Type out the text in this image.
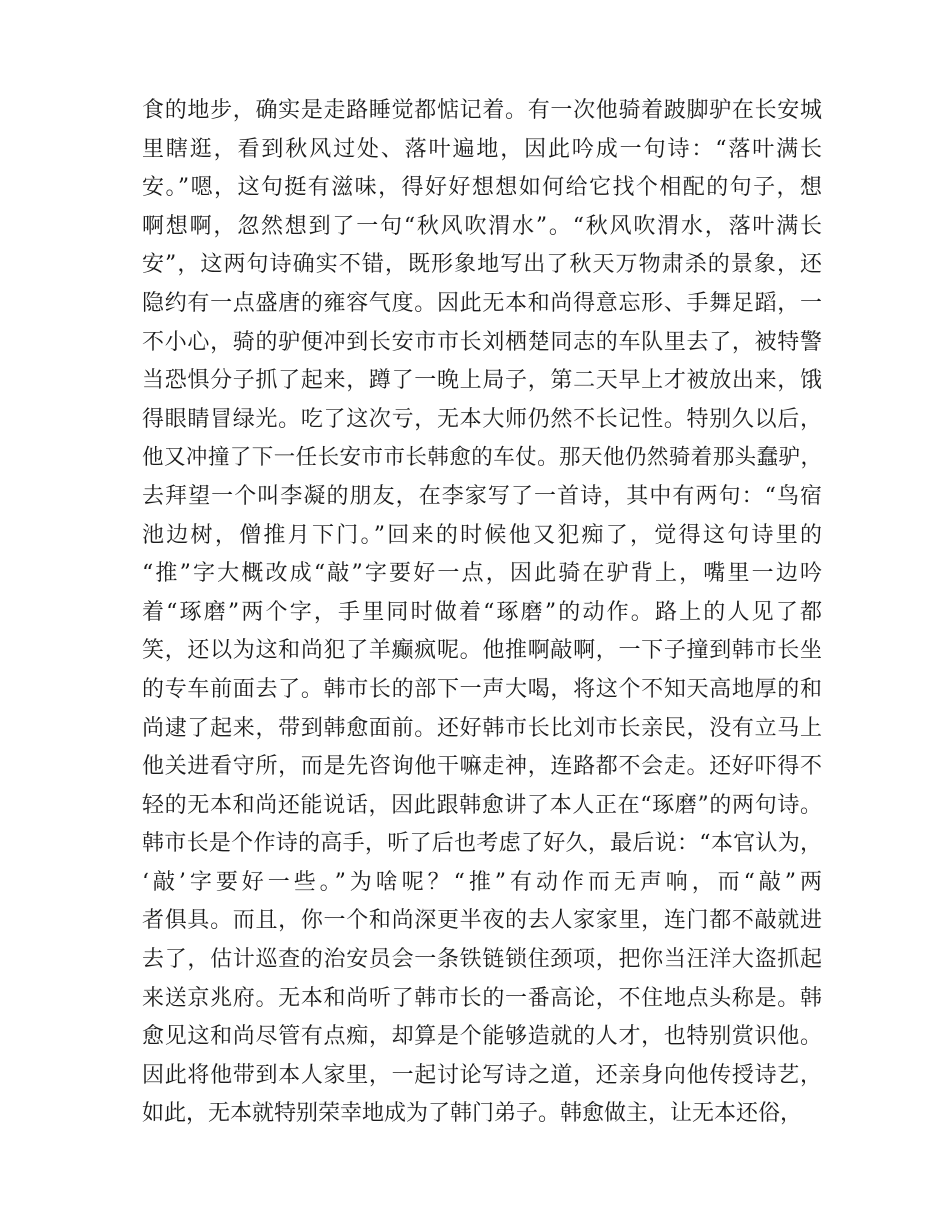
食的地步，确实是走路睡觉都惦记着。有一次他骑着跛脚驴在长安城
里瞎逛，看到秋风过处、落叶遍地，因此吟成一句诗：“落叶满长
安。”嗯，这句挺有滋味，得好好想想如何给它找个相配的句子，想
啊想啊，忽然想到了一句“秋风吹渭水”。“秋风吹渭水，落叶满长
安”，这两句诗确实不错，既形象地写出了秋天万物肃杀的景象，还
隐约有一点盛唐的雍容气度。因此无本和尚得意忘形、手舞足蹈，一
不小心，骑的驴便冲到长安市市长刘栖楚同志的车队里去了，被特警
当恐惧分子抓了起来，蹲了一晚上局子，第二天早上才被放出来，饿
得眼睛冒绿光。吃了这次亏，无本大师仍然不长记性。特别久以后，
他又冲撞了下一任长安市市长韩愈的车仗。那天他仍然骑着那头蠢驴，
去拜望一个叫李凝的朋友，在李家写了一首诗，其中有两句：“鸟宿
池边树，僧推月下门。”回来的时候他又犯痴了，觉得这句诗里的
“推”字大概改成“敲”字要好一点，因此骑在驴背上，嘴里一边吟
着“琢磨”两个字，手里同时做着“琢磨”的动作。路上的人见了都
笑，还以为这和尚犯了羊癫疯呢。他推啊敲啊，一下子撞到韩市长坐
的专车前面去了。韩市长的部下一声大喝，将这个不知天高地厚的和
尚逮了起来，带到韩愈面前。还好韩市长比刘市长亲民，没有立马上
他关进看守所，而是先咨询他干嘛走神，连路都不会走。还好吓得不
轻的无本和尚还能说话，因此跟韩愈讲了本人正在“琢磨”的两句诗。
韩市长是个作诗的高手，听了后也考虑了好久，最后说：“本官认为，
‘敲’字要好一些。”为啥呢？“推”有动作而无声响，而“敲”两
者俱具。而且，你一个和尚深更半夜的去人家家里，连门都不敲就进
去了，估计巡查的治安员会一条铁链锁住颈项，把你当汪洋大盗抓起
来送京兆府。无本和尚听了韩市长的一番高论，不住地点头称是。韩
愈见这和尚尽管有点痴，却算是个能够造就的人才，也特别赏识他。
因此将他带到本人家里，一起讨论写诗之道，还亲身向他传授诗艺，
如此，无本就特别荣幸地成为了韩门弟子。韩愈做主，让无本还俗，
